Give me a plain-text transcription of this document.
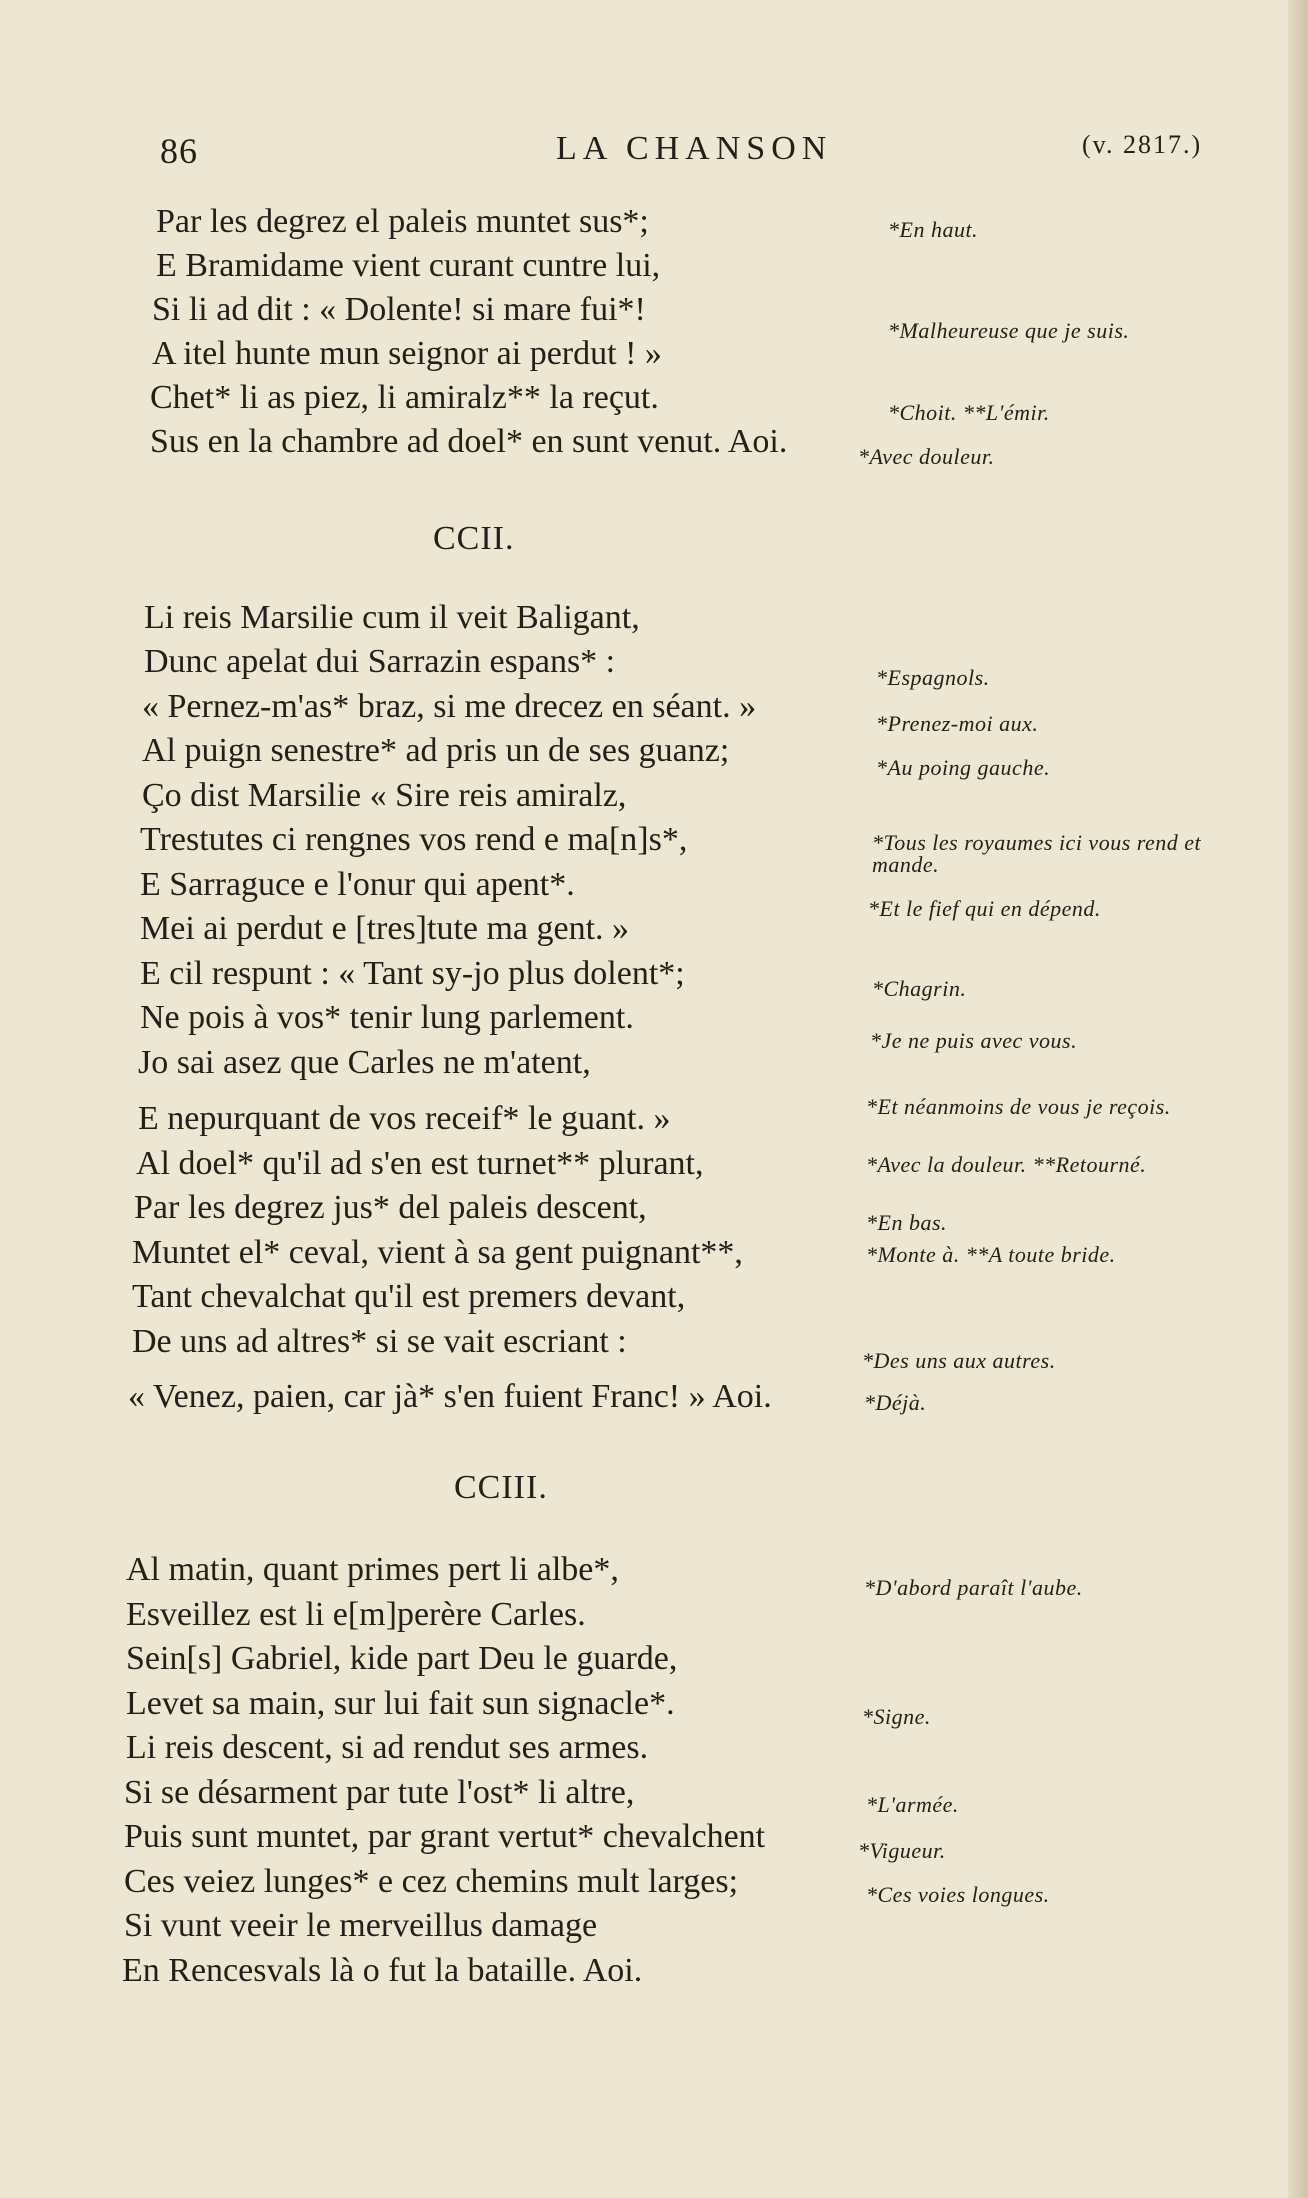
86	LA CHANSON	(v. 2817.)
Par les degrez el paleis muntet sus*;
E Bramidame vient curant cuntre lui,
Si li ad dit : « Dolente! si mare fui*!
A itel hunte mun seignor ai perdut ! »
Chet* li as piez, li amiralz** la reçut.
Sus en la chambre ad doel* en sunt venut. Aoi.
*En haut.
*Malheureuse que je suis.
*Choit. **L'émir.
*Avec douleur.
CCII.
Li reis Marsilie cum il veit Baligant,
Dunc apelat dui Sarrazin espans* :
« Pernez-m'as* braz, si me drecez en séant. »
Al puign senestre* ad pris un de ses guanz;
Ço dist Marsilie « Sire reis amiralz,
Trestutes ci rengnes vos rend e ma[n]s*,
E Sarraguce e l'onur qui apent*.
Mei ai perdut e [tres]tute ma gent. »
E cil respunt : « Tant sy-jo plus dolent*;
Ne pois à vos* tenir lung parlement.
Jo sai asez que Carles ne m'atent,
E nepurquant de vos receif* le guant. »
Al doel* qu'il ad s'en est turnet** plurant,
Par les degrez jus* del paleis descent,
Muntet el* ceval, vient à sa gent puignant**,
Tant chevalchat qu'il est premers devant,
De uns ad altres* si se vait escriant :
« Venez, paien, car jà* s'en fuient Franc! » Aoi.
*Espagnols.
*Prenez-moi aux.
*Au poing gauche.
*Tous les royaumes ici vous rend et mande.
*Et le fief qui en dépend.
*Chagrin.
*Je ne puis avec vous.
*Et néanmoins de vous je reçois.
*Avec la douleur. **Retourné.
*En bas.
*Monte à. **A toute bride.
*Des uns aux autres.
*Déjà.
CCIII.
Al matin, quant primes pert li albe*,
Esveillez est li e[m]perère Carles.
Sein[s] Gabriel, kide part Deu le guarde,
Levet sa main, sur lui fait sun signacle*.
Li reis descent, si ad rendut ses armes.
Si se désarment par tute l'ost* li altre,
Puis sunt muntet, par grant vertut* chevalchent
Ces veiez lunges* e cez chemins mult larges;
Si vunt veeir le merveillus damage
En Rencesvals là o fut la bataille. Aoi.
*D'abord paraît l'aube.
*Signe.
*L'armée.
*Vigueur.
*Ces voies longues.
